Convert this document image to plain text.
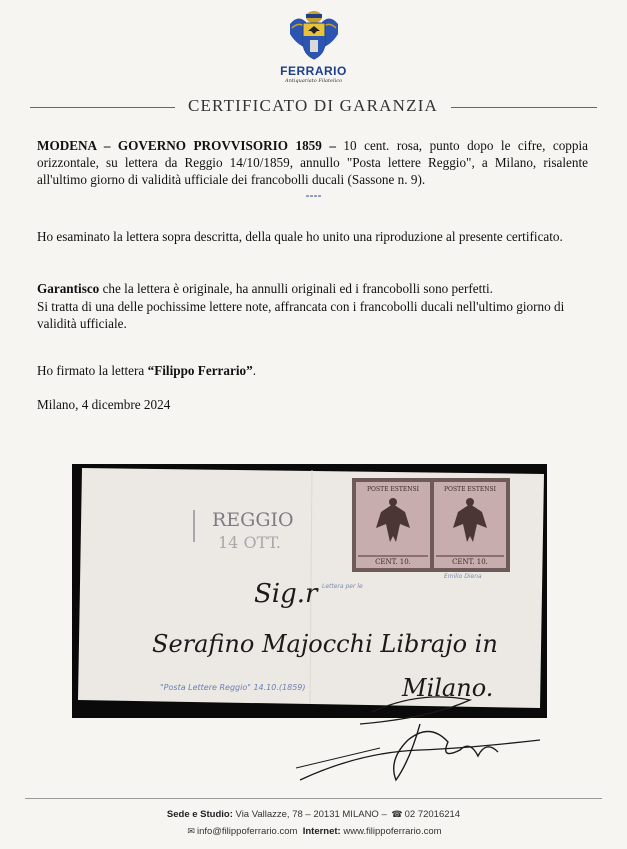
FERRARIO
Antiquariato Filatelico
CERTIFICATO DI GARANZIA
MODENA – GOVERNO PROVVISORIO 1859 – 10 cent. rosa, punto dopo le cifre, coppia orizzontale, su lettera da Reggio 14/10/1859, annullo "Posta lettere Reggio", a Milano, risalente all'ultimo giorno di validità ufficiale dei francobolli ducali (Sassone n. 9).
----
Ho esaminato la lettera sopra descritta, della quale ho unito una riproduzione al presente certificato.
Garantisco che la lettera è originale, ha annulli originali ed i francobolli sono perfetti.
Si tratta di una delle pochissime lettere note, affrancata con i francobolli ducali nell'ultimo giorno di validità ufficiale.
Ho firmato la lettera “Filippo Ferrario”.
Milano, 4 dicembre 2024
REGGIO
14 OTT.
POSTE ESTENSI	POSTE ESTENSI
CENT. 10.	CENT. 10.
Sig.r
Serafino Majocchi Librajo in
Milano.
"Posta Lettere Reggio" 14.10.(1859)
Emilio Diena
Lettera per le
Sede e Studio: Via Vallazze, 78 – 20131 MILANO – ☎ 02 72016214
✉ info@filippoferrario.com Internet: www.filippoferrario.com
